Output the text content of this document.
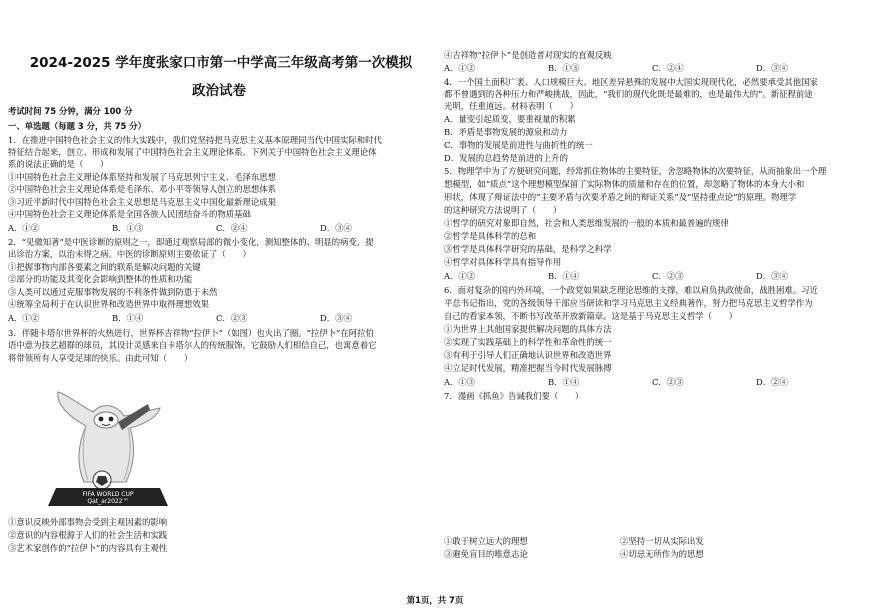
2024-2025 学年度张家口市第一中学高三年级高考第一次模拟
政治试卷
考试时间 75 分钟，满分 100 分
一、单选题（每题 3 分，共 75 分）
1．在推进中国特色社会主义的伟大实践中，我们党坚持把马克思主义基本原理同当代中国实际和时代
特征结合起来，创立、形成和发展了中国特色社会主义理论体系。下列关于中国特色社会主义理论体
系的说法正确的是（　　）
①中国特色社会主义理论体系坚持和发展了马克思列宁主义、毛泽东思想
②中国特色社会主义理论体系是毛泽东、邓小平等领导人创立的思想体系
③习近平新时代中国特色社会主义思想是马克思主义中国化最新理论成果
④中国特色社会主义理论体系是全国各族人民团结奋斗的物质基础
A．①②	B．①③	C．②④	D．③④
2．“见微知著”是中医诊断的原则之一，即通过观察局部的微小变化，测知整体的、明显的病变，提
出诊治方案，以治未得之病。中医的诊断原则主要依证了（　　）
①把握事物内部各要素之间的联系是解决问题的关键
②部分的功能及其变化会影响到整体的性质和功能
③人类可以通过克服事物发展的不利条件做到防患于未然
④统筹全局利于在认识世界和改造世界中取得理想效果
A．①②	B．①④	C．②③	D．③④
3．伴随卡塔尔世界杯的火热进行，世界杯吉祥物“拉伊卜”（如图）也火出了圈。“拉伊卜”在阿拉伯
语中意为技艺超群的球员，其设计灵感来自卡塔尔人的传统服饰，它鼓励人们相信自己，也寓意着它
将带领所有人享受足球的快乐。由此可知（　　）
FIFA WORLD CUP
Qat_ar2022™
①意识反映外部事物会受到主观因素的影响
②意识的内容根源于人们的社会生活和实践
③艺术家创作的“拉伊卜”的内容具有主观性
④吉祥物“拉伊卜”是创造者对现实的直观反映
A．①②	B．①③	C．②④	D．③④
4．一个国土面积广袤、人口规模巨大、地区差异悬殊的发展中大国实现现代化，必然要承受其他国家
都不曾遇到的各种压力和严峻挑战，因此，“我们的现代化既是最难的，也是最伟大的”。新征程前途
光明，任重道远。材料表明（　　）
A．量变引起质变，要重视量的积累
B．矛盾是事物发展的源泉和动力
C．事物的发展是前进性与曲折性的统一
D．发展的总趋势是前进的上升的
5．物理学中为了方便研究问题，经常抓住物体的主要特征，舍忽略物体的次要特征，从而抽象出一个理
想模型，如“质点”这个理想模型保留了实际物体的质量和存在的位置，却忽略了物体的本身大小和
形状，体现了辩证法中的“主要矛盾与次要矛盾之间的辩证关系”及“坚持重点论”的原理。物理学
的这种研究方法说明了（　　）
①哲学的研究对象即自然，社会和人类思维发展的一般的本质和最普遍的规律
②哲学是具体科学的总和
③哲学是具体科学研究的基础，是科学之科学
④哲学对具体科学具有指导作用
A．①②	B．①④	C．②③	D．③④
6．面对复杂的国内外环境，一个政党如果缺乏理论思维的支撑，难以肩负执政使命，战胜困难。习近
平总书记指出，党的各级领导干部应当研读和学习马克思主义经典著作，努力把马克思主义哲学作为
自己的看家本领，不断书写改革开放新篇章。这是基于马克思主义哲学（　　）
①为世界上其他国家提供解决问题的具体方法
②实现了实践基础上的科学性和革命性的统一
③有利于引导人们正确地认识世界和改造世界
④立足时代发展，精准把握当今时代发展脉搏
A．①③	B．①④	C．②③	D．②④
7．漫画《抓鱼》告诫我们要（　　）
①敢于树立远大的理想	②坚持一切从实际出发
③避免盲目的唯意志论	④切忌无所作为的思想
第1页，共 7页
